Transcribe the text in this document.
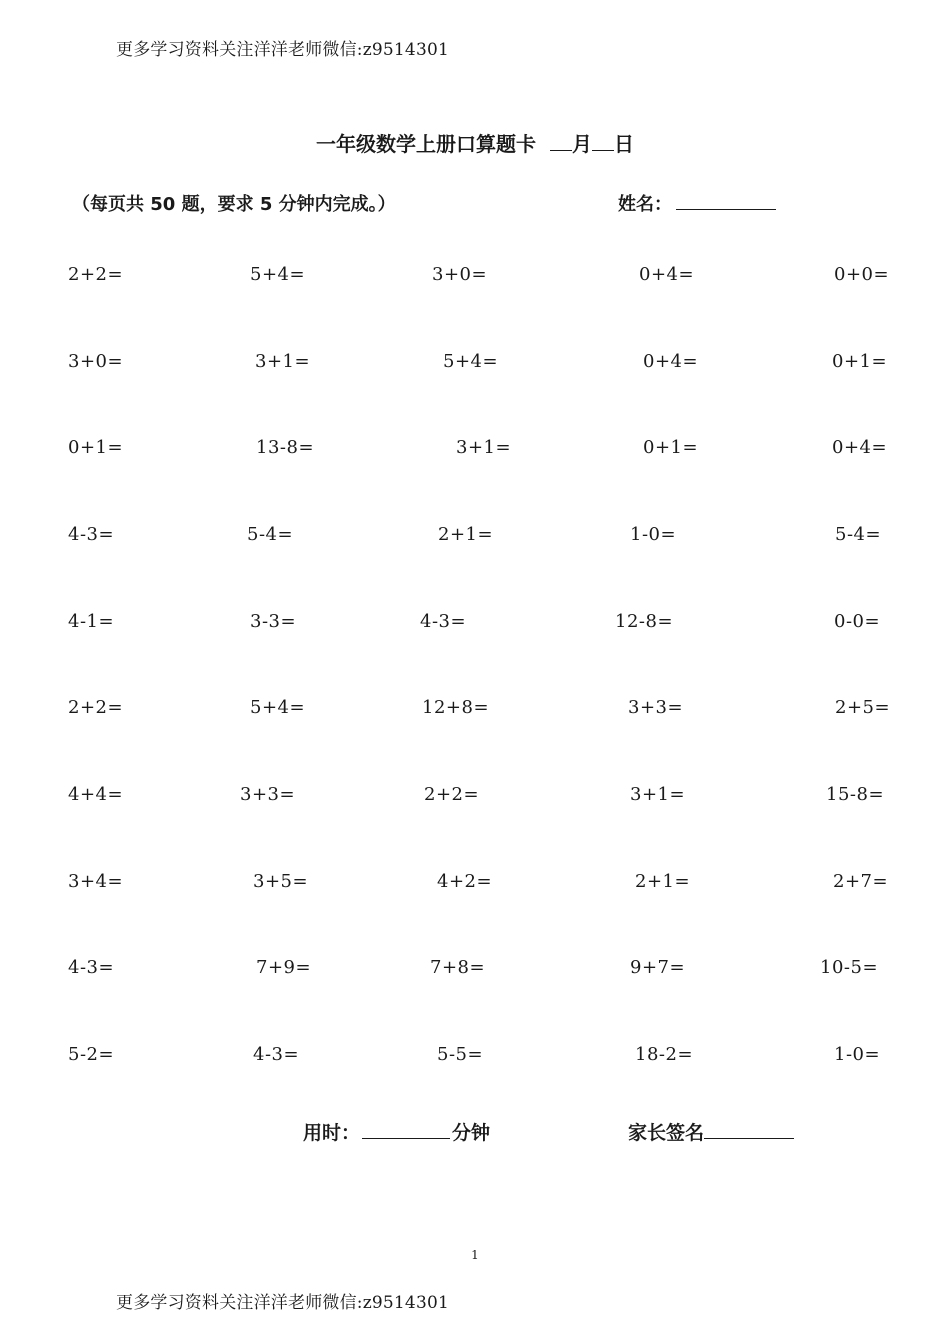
更多学习资料关注洋洋老师微信:z9514301
一年级数学上册口算题卡 月 日
（每页共 50 题，要求 5 分钟内完成。）	姓名：
2+2=	5+4=	3+0=	0+4=	0+0=
3+0=	3+1=	5+4=	0+4=	0+1=
0+1=	13-8=	3+1=	0+1=	0+4=
4-3=	5-4=	2+1=	1-0=	5-4=
4-1=	3-3=	4-3=	12-8=	0-0=
2+2=	5+4=	12+8=	3+3=	2+5=
4+4=	3+3=	2+2=	3+1=	15-8=
3+4=	3+5=	4+2=	2+1=	2+7=
4-3=	7+9=	7+8=	9+7=	10-5=
5-2=	4-3=	5-5=	18-2=	1-0=
用时：	分钟	家长签名
1
更多学习资料关注洋洋老师微信:z9514301
